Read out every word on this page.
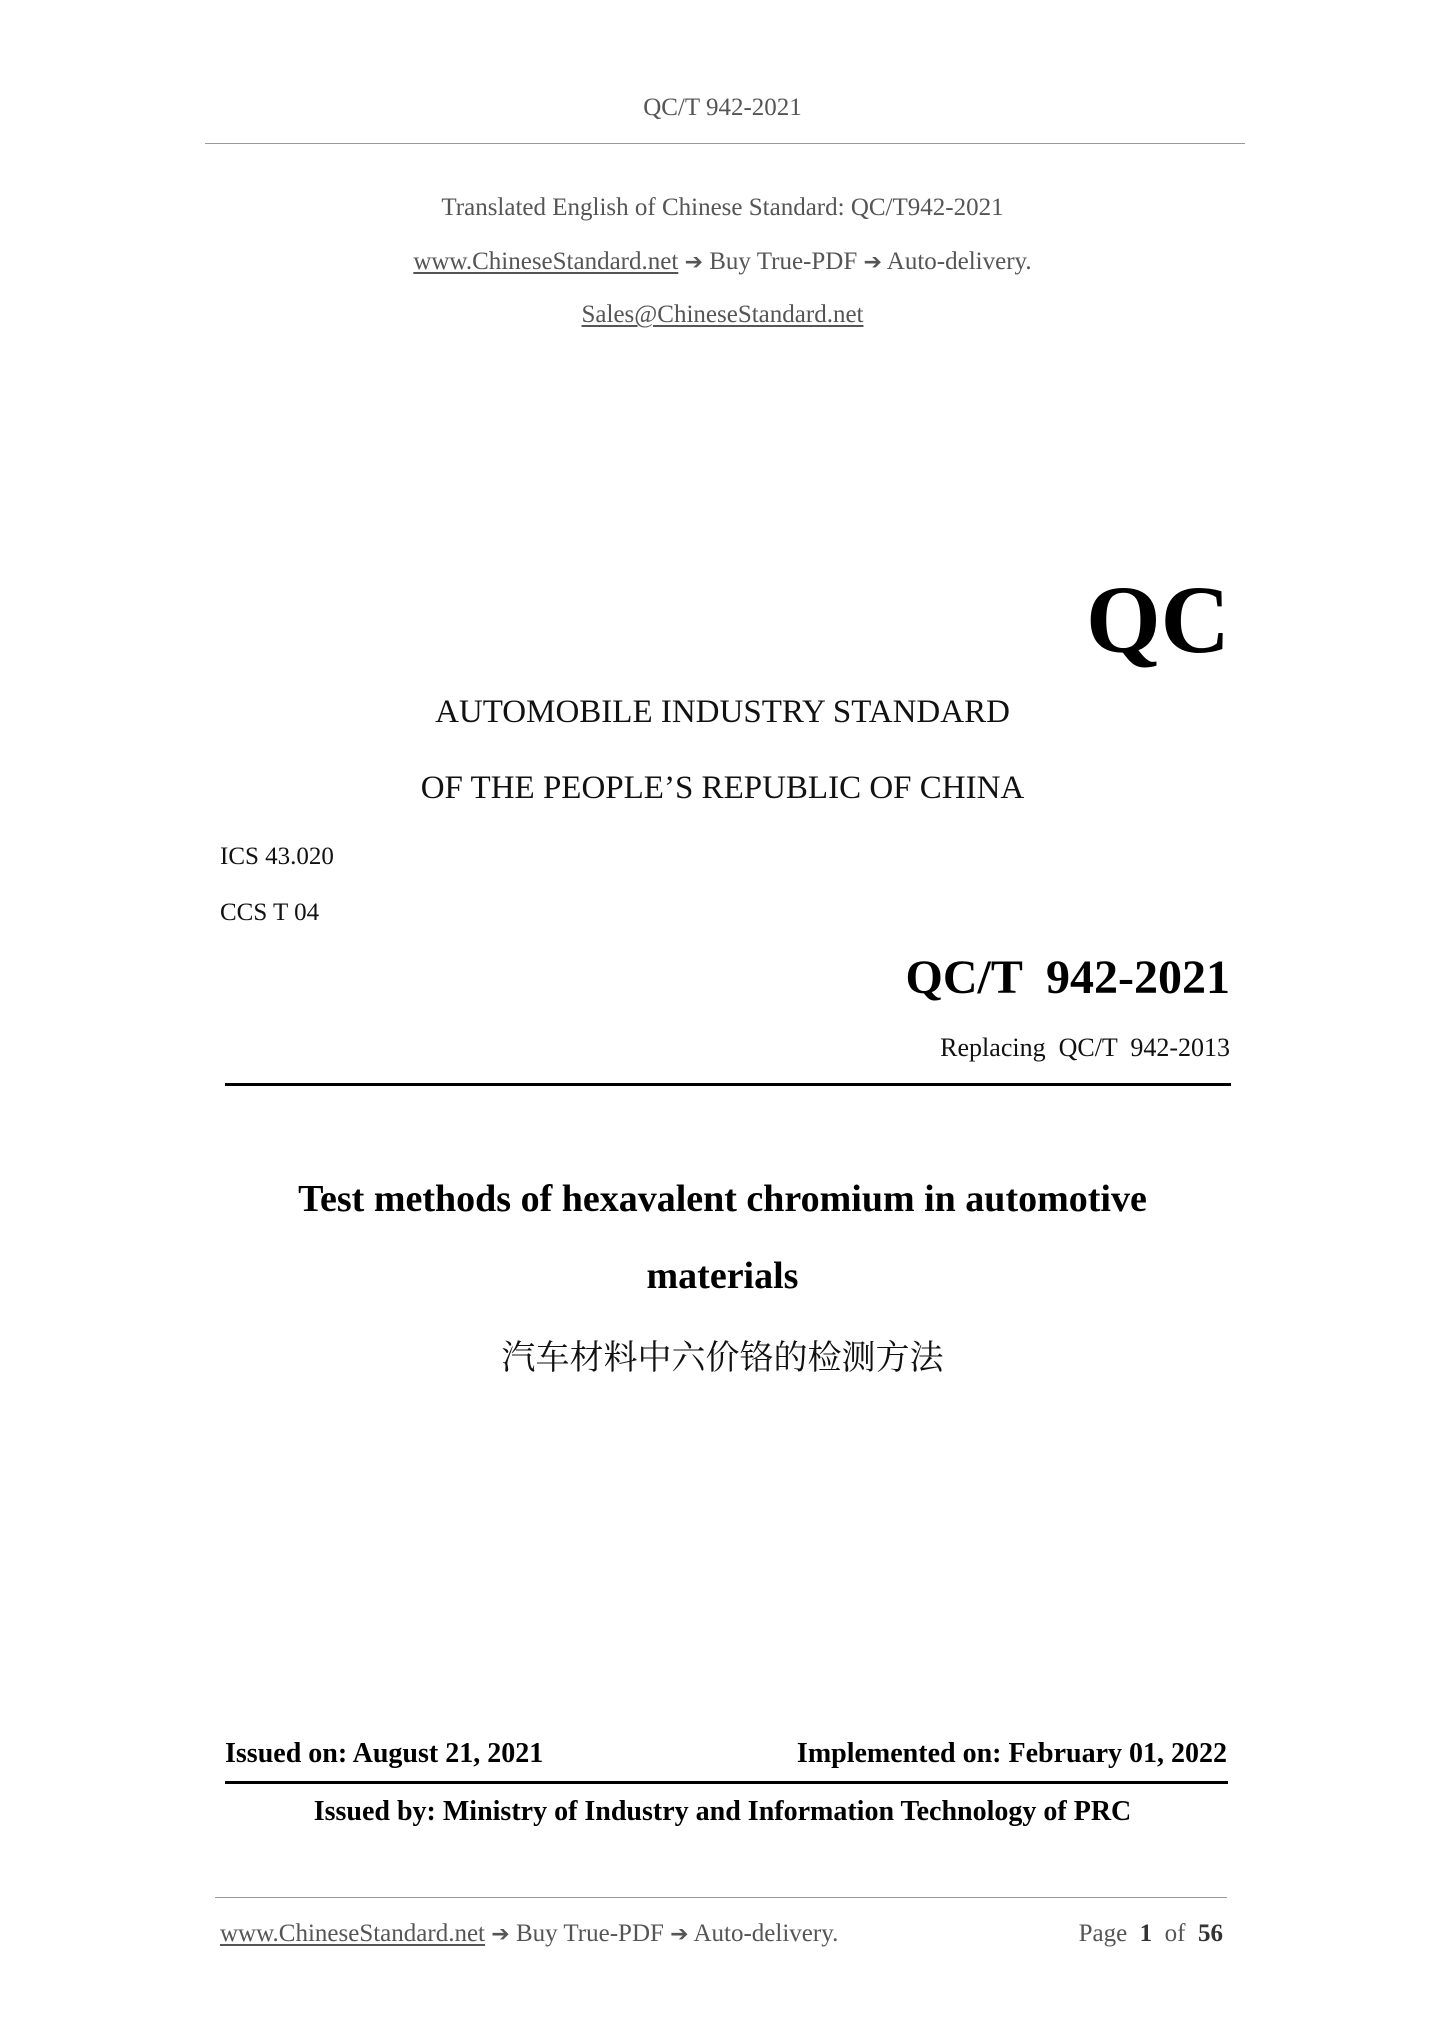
QC/T 942-2021
Translated English of Chinese Standard: QC/T942-2021
www.ChineseStandard.net ➔ Buy True-PDF ➔ Auto-delivery.
Sales@ChineseStandard.net
QC
AUTOMOBILE INDUSTRY STANDARD
OF THE PEOPLE’S REPUBLIC OF CHINA
ICS 43.020
CCS T 04
QC/T  942-2021
Replacing  QC/T  942-2013
Test methods of hexavalent chromium in automotive
materials
汽车材料中六价铬的检测方法
Issued on: August 21, 2021	Implemented on: February 01, 2022
Issued by: Ministry of Industry and Information Technology of PRC
www.ChineseStandard.net ➔ Buy True-PDF ➔ Auto-delivery.	Page 1 of 56
